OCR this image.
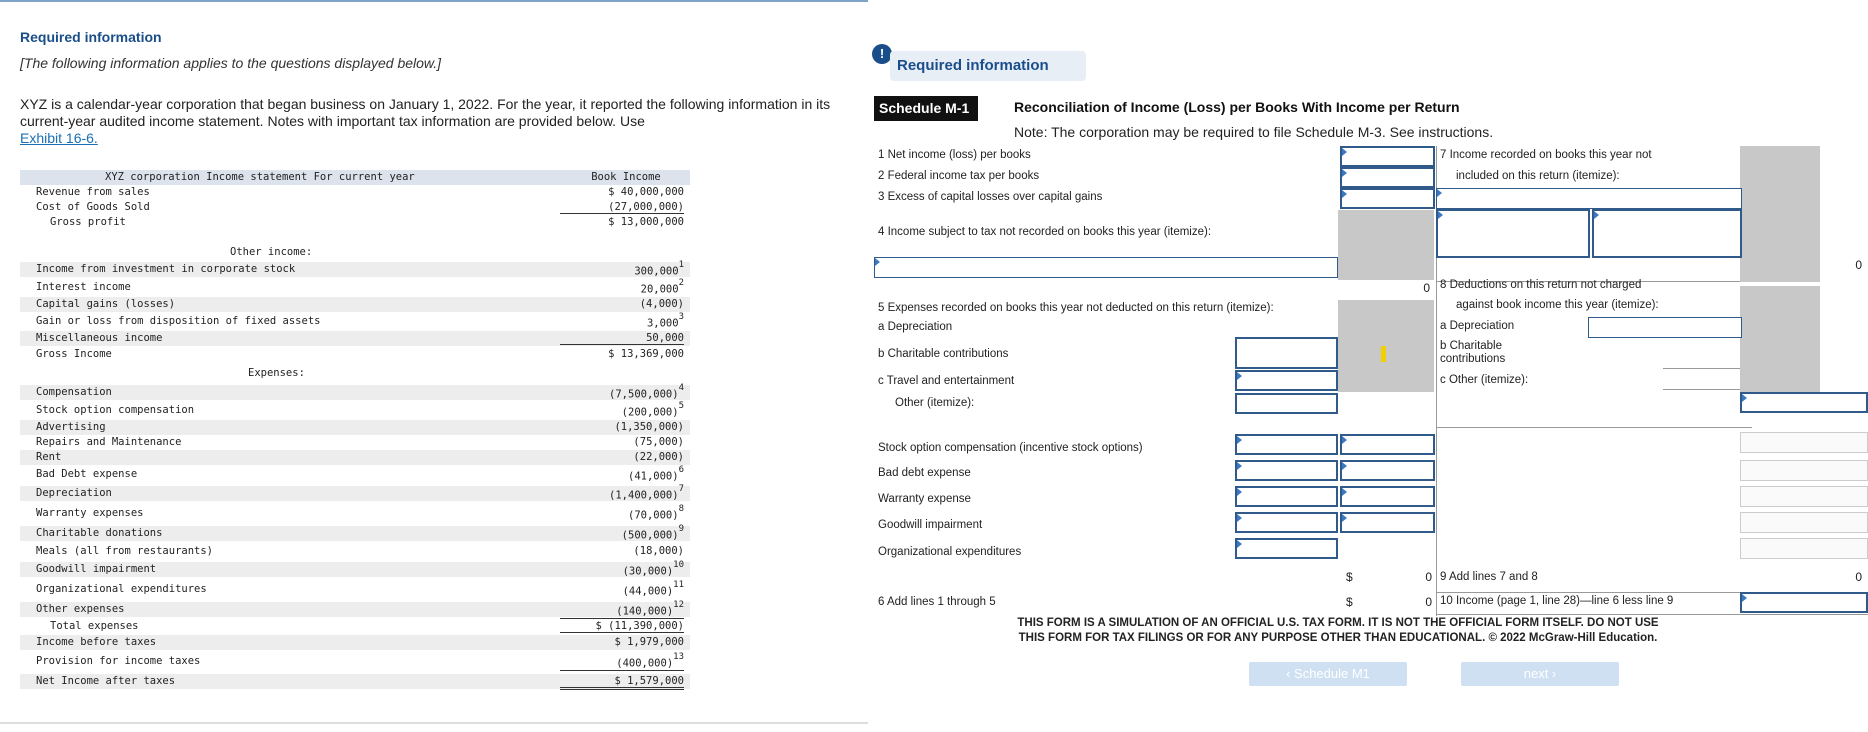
Required information
[The following information applies to the questions displayed below.]
XYZ is a calendar-year corporation that began business on January 1, 2022. For the year, it reported the following information in its current-year audited income statement. Notes with important tax information are provided below. Use
Exhibit 16-6.
XYZ corporation Income statement For current year	Book Income
Revenue from sales	$ 40,000,000
Cost of Goods Sold	(27,000,000)
Gross profit	$ 13,000,000
Other income:
Income from investment in corporate stock	300,000$^1$
Interest income	20,000$^2$
Capital gains (losses)	(4,000)
Gain or loss from disposition of fixed assets	3,000$^3$
Miscellaneous income	50,000
Gross Income	$ 13,369,000
Expenses:
Compensation	$(7,500,000)^4$
Stock option compensation	$(200,000)^5$
Advertising	(1,350,000)
Repairs and Maintenance	(75,000)
Rent	(22,000)
Bad Debt expense	$(41,000)^6$
Depreciation	$(1,400,000)^7$
Warranty expenses	$(70,000)^8$
Charitable donations	$(500,000)^9$
Meals (all from restaurants)	(18,000)
Goodwill impairment	$(30,000)^{10}$
Organizational expenditures	$(44,000)^{11}$
Other expenses	$(140,000)^{12}$
Total expenses	$ (11,390,000)
Income before taxes	$ 1,979,000
Provision for income taxes	$(400,000)^{13}$
Net Income after taxes	$ 1,579,000
!
Required information
Schedule M-1	Reconciliation of Income (Loss) per Books With Income per Return
Note: The corporation may be required to file Schedule M-3. See instructions.
1 Net income (loss) per books
2 Federal income tax per books
3 Excess of capital losses over capital gains
4 Income subject to tax not recorded on books this year (itemize):
5 Expenses recorded on books this year not deducted on this return (itemize):
a Depreciation
b Charitable contributions
c Travel and entertainment
Other (itemize):
Stock option compensation (incentive stock options)
Bad debt expense
Warranty expense
Goodwill impairment
Organizational expenditures
6 Add lines 1 through 5
7 Income recorded on books this year not
included on this return (itemize):
8 Deductions on this return not charged
against book income this year (itemize):
a Depreciation
b Charitable
contributions
c Other (itemize):
9 Add lines 7 and 8
10 Income (page 1, line 28)—line 6 less line 9
0
$	0
$	0
0
0
THIS FORM IS A SIMULATION OF AN OFFICIAL U.S. TAX FORM. IT IS NOT THE OFFICIAL FORM ITSELF. DO NOT USE
THIS FORM FOR TAX FILINGS OR FOR ANY PURPOSE OTHER THAN EDUCATIONAL. © 2022 McGraw-Hill Education.
‹ Schedule M1	next ›
